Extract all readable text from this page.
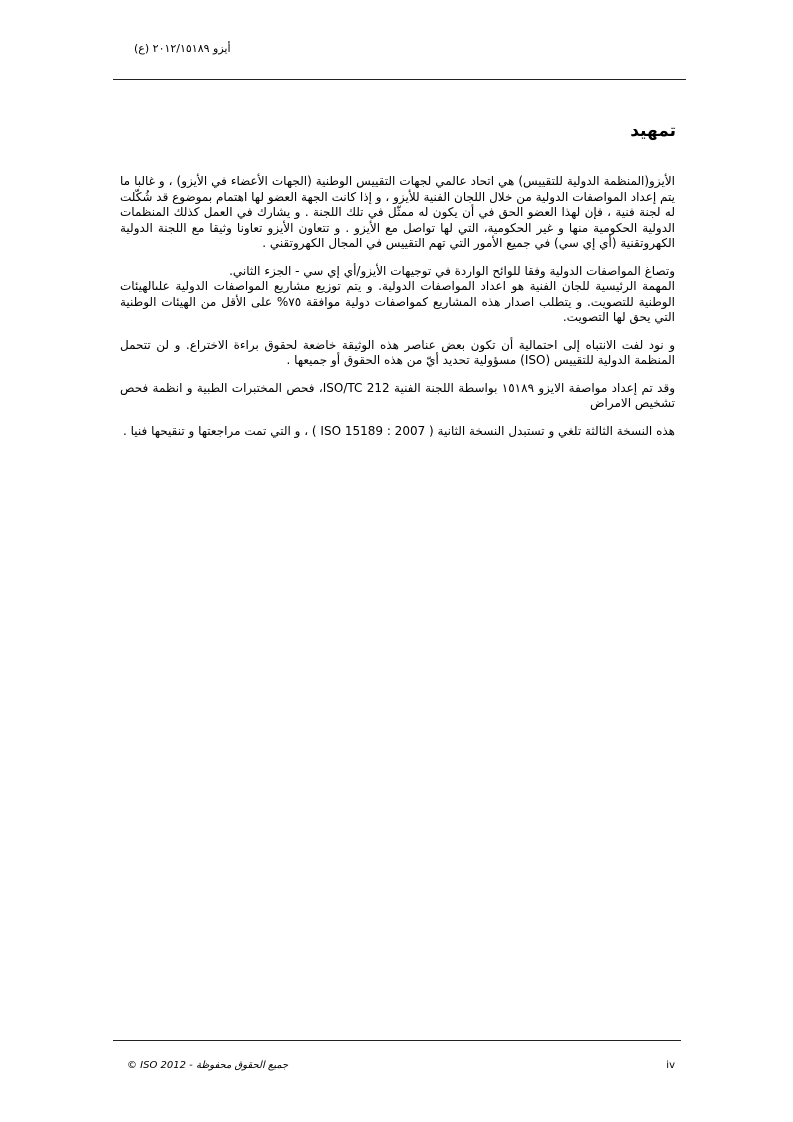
أيزو ٢٠١٢/١٥١٨٩ (ع)
تمهيد

الأيزو(المنظمة الدولية للتقييس) هي اتحاد عالمي لجهات التقييس الوطنية (الجهات الأعضاء في الأيزو) ، و غالبا ما يتم إعداد المواصفات الدولية من خلال اللجان الفنية للأيزو ، و إذا كانت الجهة العضو لها اهتمام بموضوع قد شُكّلت له لجنة فنية ، فإن لهذا العضو الحق في أن يكون له ممثّل في تلك اللجنة . و يشارك في العمل كذلك المنظمات الدولية الحكومية منها و غير الحكومية، التي لها تواصل مع الأيزو . و تتعاون الأيزو تعاونا وثيقا مع اللجنة الدولية الكهروتقنية (أي إي سي) في جميع الأمور التي تهم التقييس في المجال الكهروتقني .

وتصاغ المواصفات الدولية وفقا للوائح الواردة في توجيهات الأيزو/أي إي سي - الجزء الثاني.

المهمة الرئيسية للجان الفنية هو اعداد المواصفات الدولية. و يتم توزيع مشاريع المواصفات الدولية علىالهيئات الوطنية للتصويت. و يتطلب اصدار هذه المشاريع كمواصفات دولية موافقة ٧٥% على الأقل من الهيئات الوطنية التي يحق لها التصويت.

و نود لفت الانتباه إلى احتمالية أن تكون بعض عناصر هذه الوثيقة خاضعة لحقوق براءة الاختراع. و لن تتحمل المنظمة الدولية للتقييس (ISO) مسؤولية تحديد أيّ من هذه الحقوق أو جميعها .

وقد تم إعداد مواصفة الايزو ١٥١٨٩ بواسطة اللجنة الفنية ISO/TC 212، فحص المختبرات الطبية و انظمة فحص تشخيص الامراض

هذه النسخة الثالثة تلغي و تستبدل النسخة الثانية ( ISO 15189 : 2007 ) ، و التي تمت مراجعتها و تنقيحها فنيا .

© ISO 2012 - جميع الحقوق محفوظة	iv
